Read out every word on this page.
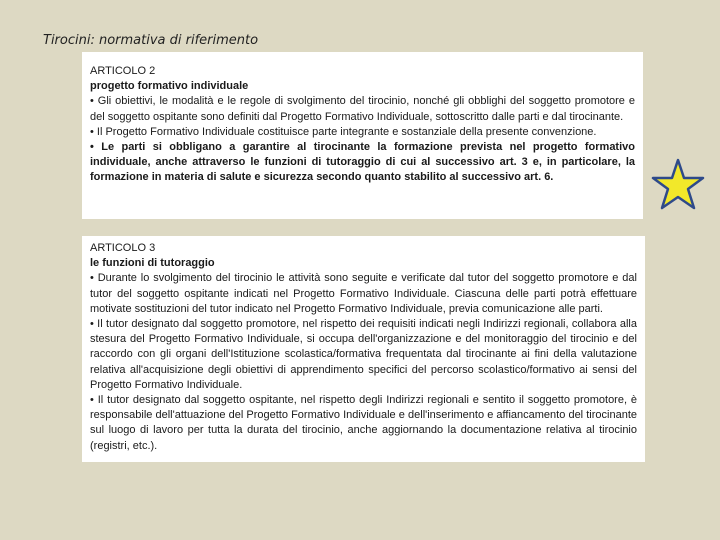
Tirocini: normativa di riferimento
ARTICOLO 2
progetto formativo individuale
• Gli obiettivi, le modalità e le regole di svolgimento del tirocinio, nonché gli obblighi del soggetto promotore e del soggetto ospitante sono definiti dal Progetto Formativo Individuale, sottoscritto dalle parti e dal tirocinante.
• Il Progetto Formativo Individuale costituisce parte integrante e sostanziale della presente convenzione.
• Le parti si obbligano a garantire al tirocinante la formazione prevista nel progetto formativo individuale, anche attraverso le funzioni di tutoraggio di cui al successivo art. 3 e, in particolare, la formazione in materia di salute e sicurezza secondo quanto stabilito al successivo art. 6.
ARTICOLO 3
le funzioni di tutoraggio
• Durante lo svolgimento del tirocinio le attività sono seguite e verificate dal tutor del soggetto promotore e dal tutor del soggetto ospitante indicati nel Progetto Formativo Individuale. Ciascuna delle parti potrà effettuare motivate sostituzioni del tutor indicato nel Progetto Formativo Individuale, previa comunicazione alle parti.
• Il tutor designato dal soggetto promotore, nel rispetto dei requisiti indicati negli Indirizzi regionali, collabora alla stesura del Progetto Formativo Individuale, si occupa dell'organizzazione e del monitoraggio del tirocinio e del raccordo con gli organi dell'Istituzione scolastica/formativa frequentata dal tirocinante ai fini della valutazione relativa all'acquisizione degli obiettivi di apprendimento specifici del percorso scolastico/formativo ai sensi del Progetto Formativo Individuale.
• Il tutor designato dal soggetto ospitante, nel rispetto degli Indirizzi regionali e sentito il soggetto promotore, è responsabile dell'attuazione del Progetto Formativo Individuale e dell'inserimento e affiancamento del tirocinante sul luogo di lavoro per tutta la durata del tirocinio, anche aggiornando la documentazione relativa al tirocinio (registri, etc.).
